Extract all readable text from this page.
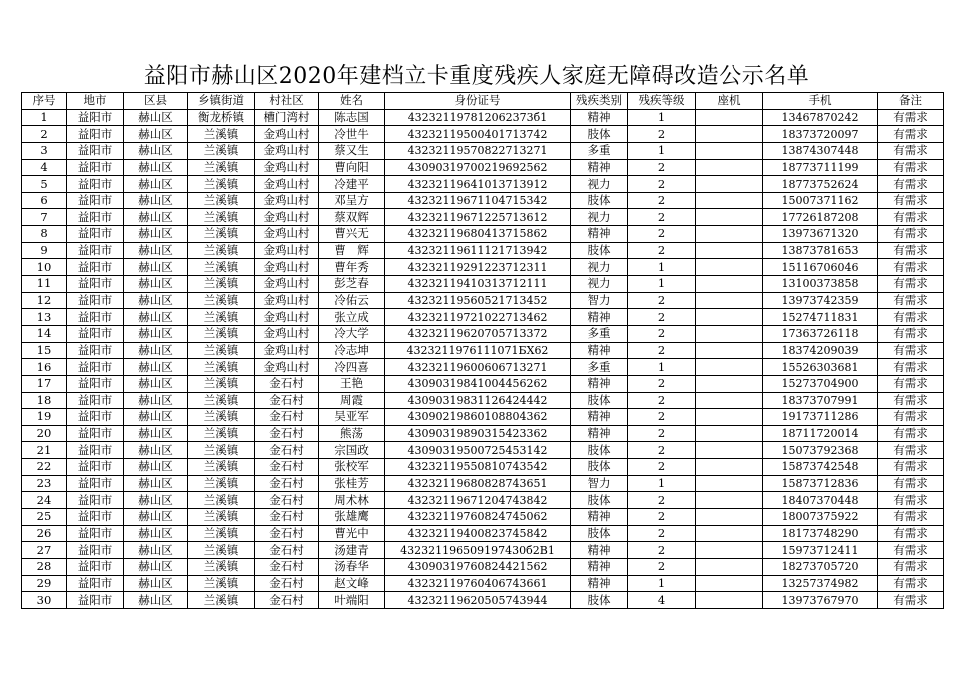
益阳市赫山区2020年建档立卡重度残疾人家庭无障碍改造公示名单
序号	地市	区县	乡镇街道	村社区	姓名	身份证号	残疾类别	残疾等级	座机	手机	备注
1	益阳市	赫山区	衡龙桥镇	槽门湾村	陈志国	432321197812062373б1	精神	1		13467870242	有需求
2	益阳市	赫山区	兰溪镇	金鸡山村	冷世牛	43232119500401713742	肢体	2		18373720097	有需求
3	益阳市	赫山区	兰溪镇	金鸡山村	蔡又生	43232119570822713271	多重	1		13874307448	有需求
4	益阳市	赫山区	兰溪镇	金鸡山村	曹向阳	43090319700219692562	精神	2		18773711199	有需求
5	益阳市	赫山区	兰溪镇	金鸡山村	冷建平	43232119641013713912	视力	2		18773752624	有需求
6	益阳市	赫山区	兰溪镇	金鸡山村	邓呈方	43232119671104715342	肢体	2		15007371162	有需求
7	益阳市	赫山区	兰溪镇	金鸡山村	蔡双辉	43232119671225713612	视力	2		17726187208	有需求
8	益阳市	赫山区	兰溪镇	金鸡山村	曹兴无	43232119680413715862	精神	2		13973671320	有需求
9	益阳市	赫山区	兰溪镇	金鸡山村	曹　辉	43232119611121713942	肢体	2		13873781653	有需求
10	益阳市	赫山区	兰溪镇	金鸡山村	曹年秀	43232119291223712311	视力	1		15116706046	有需求
11	益阳市	赫山区	兰溪镇	金鸡山村	彭芝春	43232119410313712111	视力	1		13100373858	有需求
12	益阳市	赫山区	兰溪镇	金鸡山村	冷佑云	43232119560521713452	智力	2		13973742359	有需求
13	益阳市	赫山区	兰溪镇	金鸡山村	张立成	43232119721022713462	精神	2		15274711831	有需求
14	益阳市	赫山区	兰溪镇	金鸡山村	冷大学	43232119620705713372	多重	2		17363726118	有需求
15	益阳市	赫山区	兰溪镇	金鸡山村	冷志坤	4323211976111071БX62	精神	2		18374209039	有需求
16	益阳市	赫山区	兰溪镇	金鸡山村	冷四喜	43232119600606713271	多重	1		15526303681	有需求
17	益阳市	赫山区	兰溪镇	金石村	王艳	43090319841004456262	精神	2		15273704900	有需求
18	益阳市	赫山区	兰溪镇	金石村	周霞	43090319831126424442	肢体	2		18373707991	有需求
19	益阳市	赫山区	兰溪镇	金石村	吴亚军	43090219860108804362	精神	2		19173711286	有需求
20	益阳市	赫山区	兰溪镇	金石村	熊荡	43090319890315423362	精神	2		18711720014	有需求
21	益阳市	赫山区	兰溪镇	金石村	宗国政	43090319500725453142	肢体	2		15073792368	有需求
22	益阳市	赫山区	兰溪镇	金石村	张校军	43232119550810743542	肢体	2		15873742548	有需求
23	益阳市	赫山区	兰溪镇	金石村	张桂芳	43232119680828743651	智力	1		15873712836	有需求
24	益阳市	赫山区	兰溪镇	金石村	周术林	43232119671204743842	肢体	2		18407370448	有需求
25	益阳市	赫山区	兰溪镇	金石村	张雄鹰	43232119760824745062	精神	2		18007375922	有需求
26	益阳市	赫山区	兰溪镇	金石村	曹光中	43232119400823745842	肢体	2		18173748290	有需求
27	益阳市	赫山区	兰溪镇	金石村	汤建青	432321196509197430б2B1	精神	2		15973712411	有需求
28	益阳市	赫山区	兰溪镇	金石村	汤春华	43090319760824421562	精神	2		18273705720	有需求
29	益阳市	赫山区	兰溪镇	金石村	赵文峰	43232119760406743661	精神	1		13257374982	有需求
30	益阳市	赫山区	兰溪镇	金石村	叶端阳	43232119620505743944	肢体	4		13973767970	有需求
